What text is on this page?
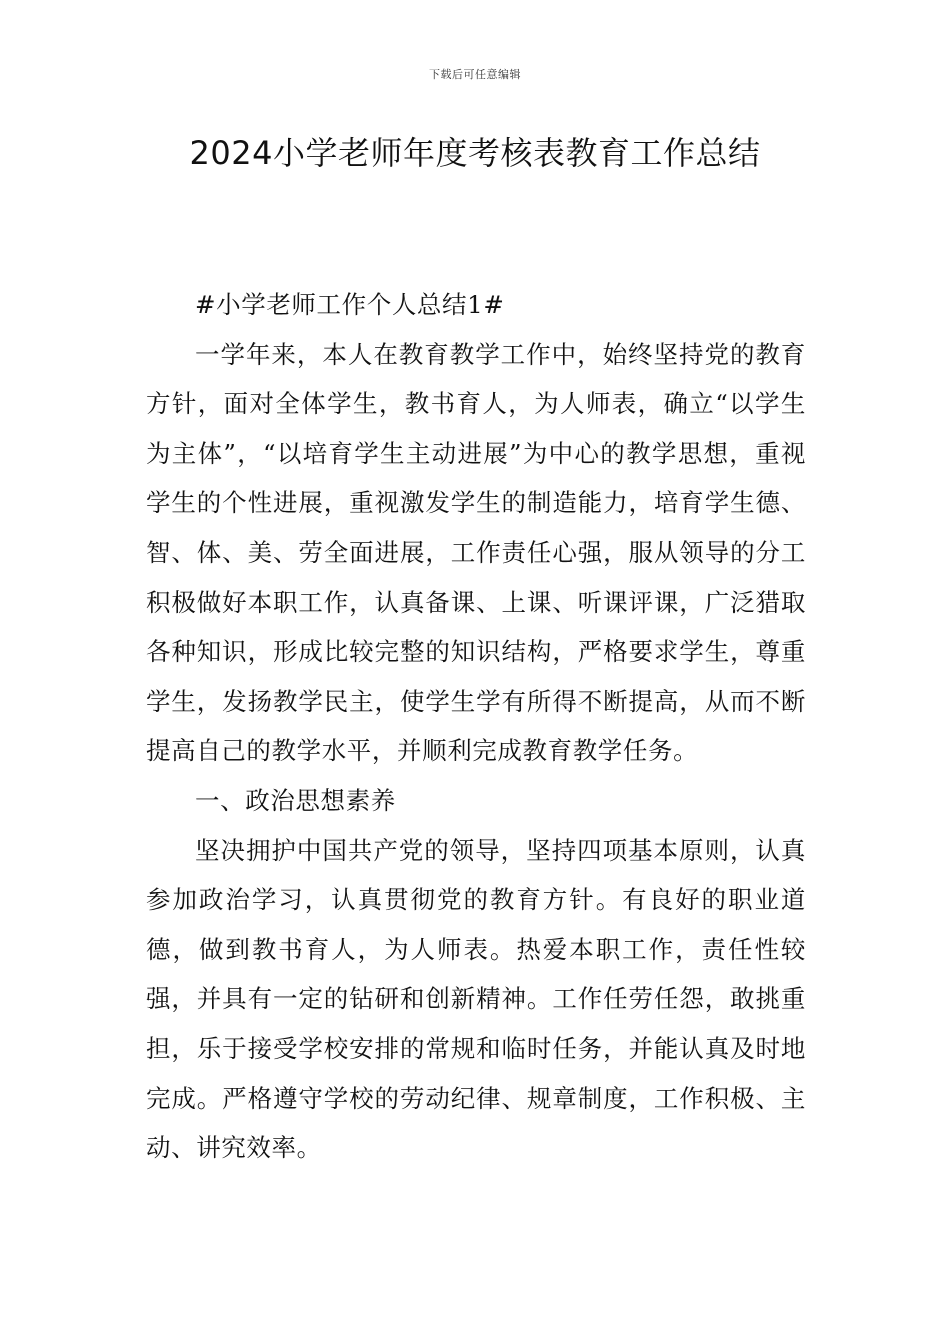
下载后可任意编辑
2024小学老师年度考核表教育工作总结

#小学老师工作个人总结1#

一学年来，本人在教育教学工作中，始终坚持党的教育方针，面对全体学生，教书育人，为人师表，确立“以学生为主体”，“以培育学生主动进展”为中心的教学思想，重视学生的个性进展，重视激发学生的制造能力，培育学生德、智、体、美、劳全面进展，工作责任心强，服从领导的分工积极做好本职工作，认真备课、上课、听课评课，广泛猎取各种知识，形成比较完整的知识结构，严格要求学生，尊重学生，发扬教学民主，使学生学有所得不断提高，从而不断提高自己的教学水平，并顺利完成教育教学任务。

一、政治思想素养

坚决拥护中国共产党的领导，坚持四项基本原则，认真参加政治学习，认真贯彻党的教育方针。有良好的职业道德，做到教书育人，为人师表。热爱本职工作，责任性较强，并具有一定的钻研和创新精神。工作任劳任怨，敢挑重担，乐于接受学校安排的常规和临时任务，并能认真及时地完成。严格遵守学校的劳动纪律、规章制度，工作积极、主动、讲究效率。
